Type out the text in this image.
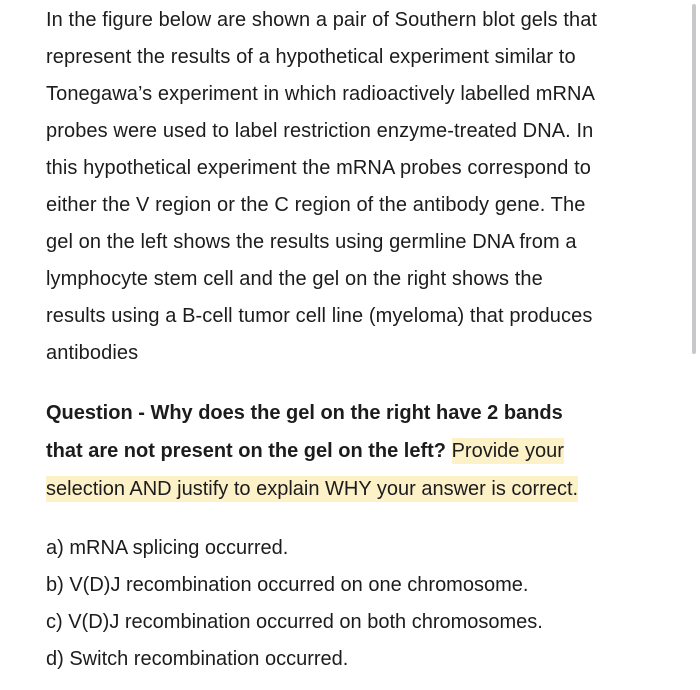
In the figure below are shown a pair of Southern blot gels that
represent the results of a hypothetical experiment similar to
Tonegawa’s experiment in which radioactively labelled mRNA
probes were used to label restriction enzyme-treated DNA. In
this hypothetical experiment the mRNA probes correspond to
either the V region or the C region of the antibody gene. The
gel on the left shows the results using germline DNA from a
lymphocyte stem cell and the gel on the right shows the
results using a B-cell tumor cell line (myeloma) that produces
antibodies
Question - Why does the gel on the right have 2 bands
that are not present on the gel on the left? Provide your
selection AND justify to explain WHY your answer is correct.
a) mRNA splicing occurred.
b) V(D)J recombination occurred on one chromosome.
c) V(D)J recombination occurred on both chromosomes.
d) Switch recombination occurred.
